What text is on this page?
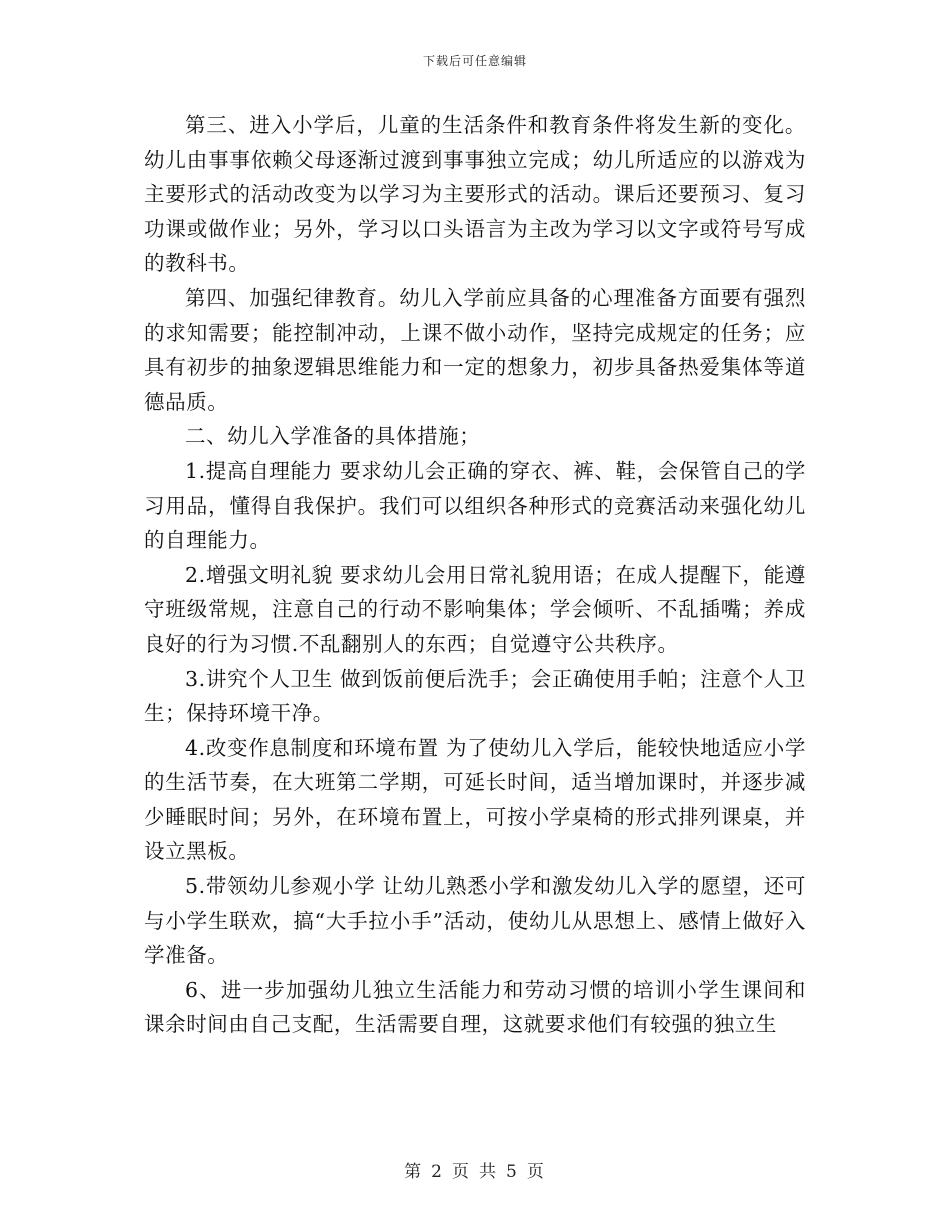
下载后可任意编辑

第三、进入小学后，儿童的生活条件和教育条件将发生新的变化。幼儿由事事依赖父母逐渐过渡到事事独立完成；幼儿所适应的以游戏为主要形式的活动改变为以学习为主要形式的活动。课后还要预习、复习功课或做作业；另外，学习以口头语言为主改为学习以文字或符号写成的教科书。

第四、加强纪律教育。幼儿入学前应具备的心理准备方面要有强烈的求知需要；能控制冲动，上课不做小动作，坚持完成规定的任务；应具有初步的抽象逻辑思维能力和一定的想象力，初步具备热爱集体等道德品质。

二、幼儿入学准备的具体措施；

1.提高自理能力 要求幼儿会正确的穿衣、裤、鞋，会保管自己的学习用品，懂得自我保护。我们可以组织各种形式的竞赛活动来强化幼儿的自理能力。

2.增强文明礼貌 要求幼儿会用日常礼貌用语；在成人提醒下，能遵守班级常规，注意自己的行动不影响集体；学会倾听、不乱插嘴；养成良好的行为习惯.不乱翻别人的东西；自觉遵守公共秩序。

3.讲究个人卫生 做到饭前便后洗手；会正确使用手帕；注意个人卫生；保持环境干净。

4.改变作息制度和环境布置 为了使幼儿入学后，能较快地适应小学的生活节奏，在大班第二学期，可延长时间，适当增加课时，并逐步减少睡眠时间；另外，在环境布置上，可按小学桌椅的形式排列课桌，并设立黑板。

5.带领幼儿参观小学 让幼儿熟悉小学和激发幼儿入学的愿望，还可与小学生联欢，搞“大手拉小手”活动，使幼儿从思想上、感情上做好入学准备。

6、进一步加强幼儿独立生活能力和劳动习惯的培训小学生课间和课余时间由自己支配，生活需要自理，这就要求他们有较强的独立生

第 2 页 共 5 页
